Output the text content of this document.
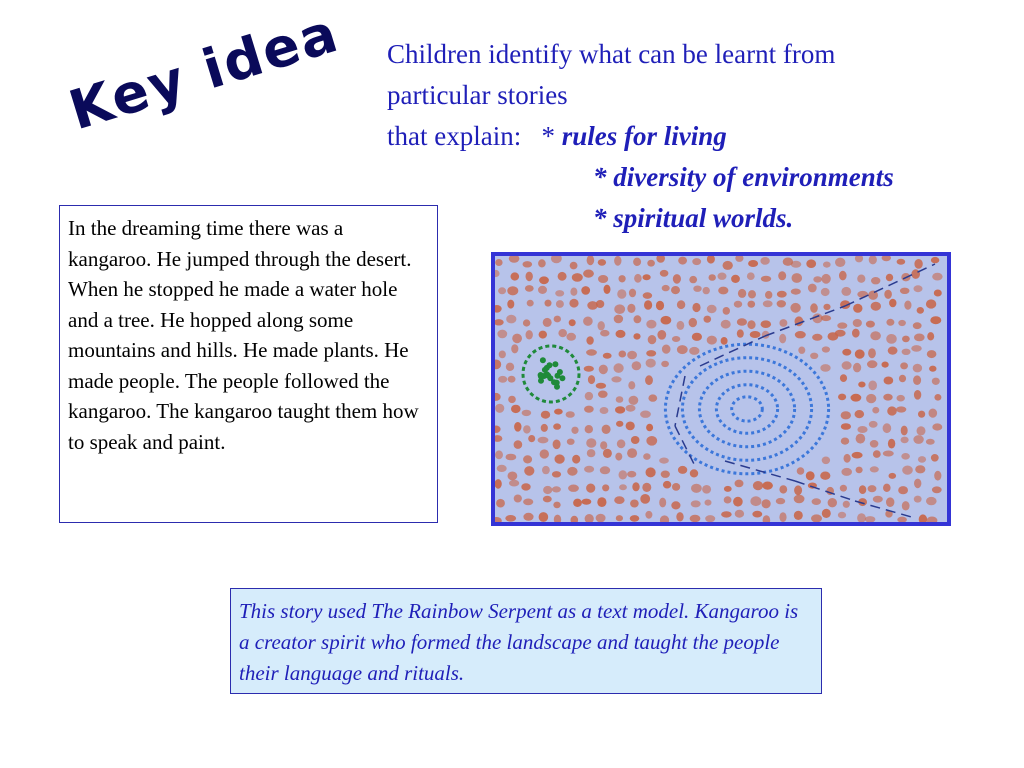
Key idea Children identify what can be learnt from
particular stories
that explain: * rules for living
* diversity of environments
* spiritual worlds.
In the dreaming time there was a kangaroo. He jumped through the desert. When he stopped he made a water hole and a tree. He hopped along some mountains and hills. He made plants. He made people. The people followed the kangaroo. The kangaroo taught them how to speak and paint.
This story used The Rainbow Serpent as a text model. Kangaroo is a creator spirit who formed the landscape and taught the people their language and rituals.
